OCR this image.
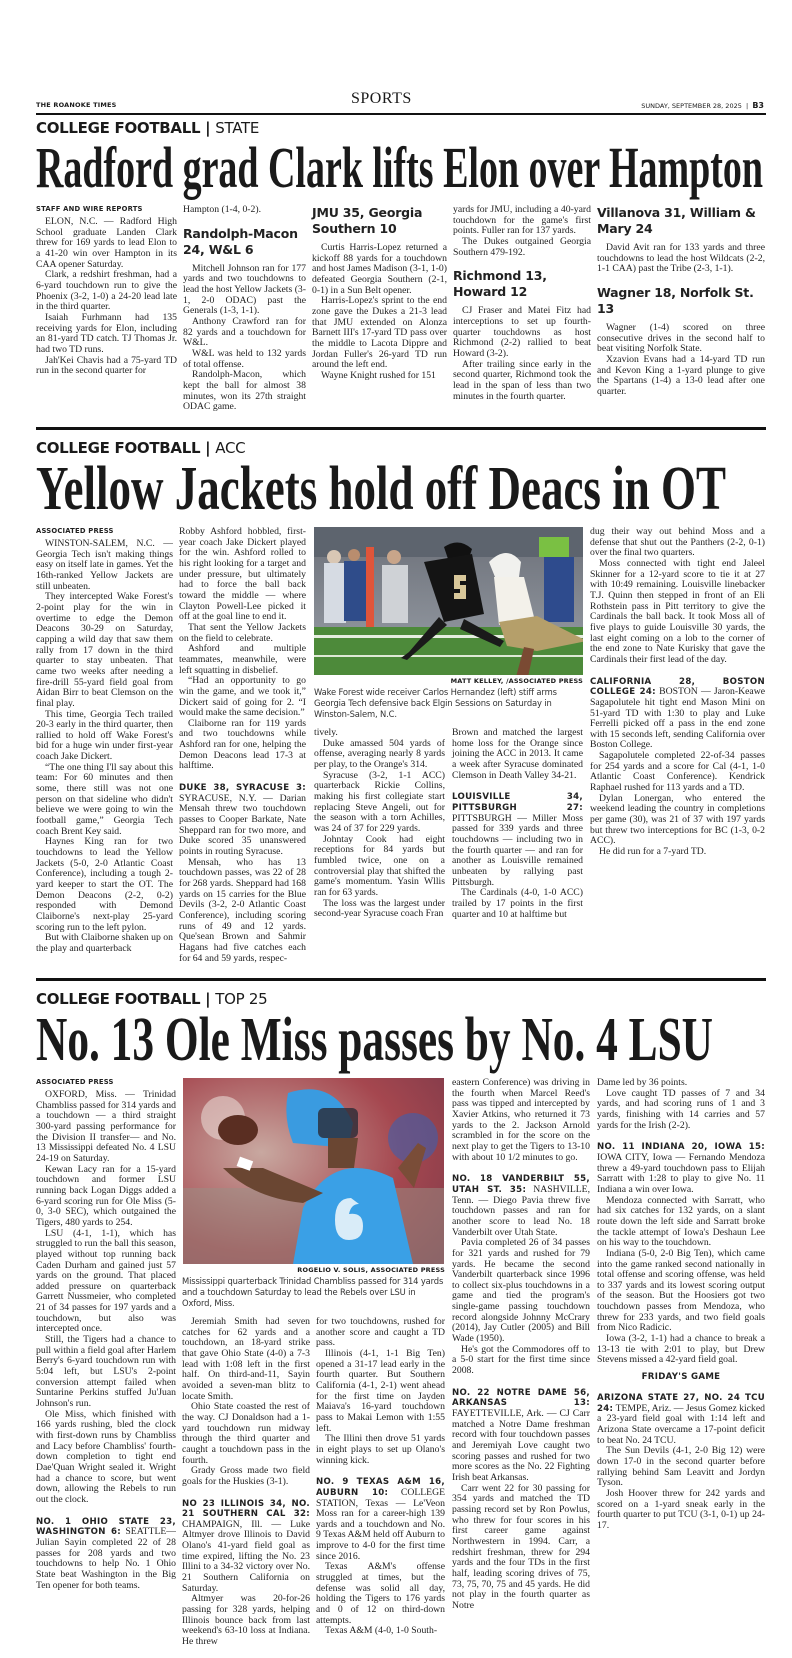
THE ROANOKE TIMES	SPORTS	SUNDAY, SEPTEMBER 28, 2025  |  B3
COLLEGE FOOTBALL | STATE
Radford grad Clark lifts Elon over Hampton
STAFF AND WIRE REPORTS

ELON, N.C. — Radford High School graduate Landen Clark threw for 169 yards to lead Elon to a 41-20 win over Hampton in its CAA opener Saturday.

Clark, a redshirt freshman, had a 6-yard touchdown run to give the Phoenix (3-2, 1-0) a 24-20 lead late in the third quarter.

Isaiah Furhmann had 135 receiving yards for Elon, including an 81-yard TD catch. TJ Thomas Jr. had two TD runs.

Jah'Kei Chavis had a 75-yard TD run in the second quarter for

Hampton (1-4, 0-2).

Randolph-Macon 24, W&L 6

Mitchell Johnson ran for 177 yards and two touchdowns to lead the host Yellow Jackets (3-1, 2-0 ODAC) past the Generals (1-3, 1-1).

Anthony Crawford ran for 82 yards and a touchdown for W&L.

W&L was held to 132 yards of total offense.

Randolph-Macon, which kept the ball for almost 38 minutes, won its 27th straight ODAC game.

JMU 35, Georgia Southern 10

Curtis Harris-Lopez returned a kickoff 88 yards for a touchdown and host James Madison (3-1, 1-0) defeated Georgia Southern (2-1, 0-1) in a Sun Belt opener.

Harris-Lopez's sprint to the end zone gave the Dukes a 21-3 lead that JMU extended on Alonza Barnett III's 17-yard TD pass over the middle to Lacota Dippre and Jordan Fuller's 26-yard TD run around the left end.

Wayne Knight rushed for 151

yards for JMU, including a 40-yard touchdown for the game's first points. Fuller ran for 137 yards.

The Dukes outgained Georgia Southern 479-192.

Richmond 13, Howard 12

CJ Fraser and Matei Fitz had interceptions to set up fourth-quarter touchdowns as host Richmond (2-2) rallied to beat Howard (3-2).

After trailing since early in the second quarter, Richmond took the lead in the span of less than two minutes in the fourth quarter.

Villanova 31, William & Mary 24

David Avit ran for 133 yards and three touchdowns to lead the host Wildcats (2-2, 1-1 CAA) past the Tribe (2-3, 1-1).

Wagner 18, Norfolk St. 13

Wagner (1-4) scored on three consecutive drives in the second half to beat visiting Norfolk State.

Xzavion Evans had a 14-yard TD run and Kevon King a 1-yard plunge to give the Spartans (1-4) a 13-0 lead after one quarter.

COLLEGE FOOTBALL | ACC
Yellow Jackets hold off Deacs in OT
MATT KELLEY, /ASSOCIATED PRESS
Wake Forest wide receiver Carlos Hernandez (left) stiff arms Georgia Tech defensive back Elgin Sessions on Saturday in Winston-Salem, N.C.
ASSOCIATED PRESS

WINSTON-SALEM, N.C. — Georgia Tech isn't making things easy on itself late in games. Yet the 16th-ranked Yellow Jackets are still unbeaten.

They intercepted Wake Forest's 2-point play for the win in overtime to edge the Demon Deacons 30-29 on Saturday, capping a wild day that saw them rally from 17 down in the third quarter to stay unbeaten. That came two weeks after needing a fire-drill 55-yard field goal from Aidan Birr to beat Clemson on the final play.

This time, Georgia Tech trailed 20-3 early in the third quarter, then rallied to hold off Wake Forest's bid for a huge win under first-year coach Jake Dickert.

“The one thing I'll say about this team: For 60 minutes and then some, there still was not one person on that sideline who didn't believe we were going to win the football game,” Georgia Tech coach Brent Key said.

Haynes King ran for two touchdowns to lead the Yellow Jackets (5-0, 2-0 Atlantic Coast Conference), including a tough 2-yard keeper to start the OT. The Demon Deacons (2-2, 0-2) responded with Demond Claiborne's next-play 25-yard scoring run to the left pylon.

But with Claiborne shaken up on the play and quarterback

Robby Ashford hobbled, first-year coach Jake Dickert played for the win. Ashford rolled to his right looking for a target and under pressure, but ultimately had to force the ball back toward the middle — where Clayton Powell-Lee picked it off at the goal line to end it.

That sent the Yellow Jackets on the field to celebrate.

Ashford and multiple teammates, meanwhile, were left squatting in disbelief.

“Had an opportunity to go win the game, and we took it,” Dickert said of going for 2. “I would make the same decision.”

Claiborne ran for 119 yards and two touchdowns while Ashford ran for one, helping the Demon Deacons lead 17-3 at halftime.

DUKE 38, SYRACUSE 3: SYRACUSE, N.Y. — Darian Mensah threw two touchdown passes to Cooper Barkate, Nate Sheppard ran for two more, and Duke scored 35 unanswered points in routing Syracuse.

Mensah, who has 13 touchdown passes, was 22 of 28 for 268 yards. Sheppard had 168 yards on 15 carries for the Blue Devils (3-2, 2-0 Atlantic Coast Conference), including scoring runs of 49 and 12 yards. Que'sean Brown and Sahmir Hagans had five catches each for 64 and 59 yards, respec-

tively.

Duke amassed 504 yards of offense, averaging nearly 8 yards per play, to the Orange's 314.

Syracuse (3-2, 1-1 ACC) quarterback Rickie Collins, making his first collegiate start replacing Steve Angeli, out for the season with a torn Achilles, was 24 of 37 for 229 yards.

Johntay Cook had eight receptions for 84 yards but fumbled twice, one on a controversial play that shifted the game's momentum. Yasin Wllis ran for 63 yards.

The loss was the largest under second-year Syracuse coach Fran

Brown and matched the largest home loss for the Orange since joining the ACC in 2013. It came a week after Syracuse dominated Clemson in Death Valley 34-21.

LOUISVILLE 34, PITTSBURGH 27: PITTSBURGH — Miller Moss passed for 339 yards and three touchdowns — including two in the fourth quarter — and ran for another as Louisville remained unbeaten by rallying past Pittsburgh.

The Cardinals (4-0, 1-0 ACC) trailed by 17 points in the first quarter and 10 at halftime but

dug their way out behind Moss and a defense that shut out the Panthers (2-2, 0-1) over the final two quarters.

Moss connected with tight end Jaleel Skinner for a 12-yard score to tie it at 27 with 10:49 remaining. Louisville linebacker T.J. Quinn then stepped in front of an Eli Rothstein pass in Pitt territory to give the Cardinals the ball back. It took Moss all of five plays to guide Louisville 30 yards, the last eight coming on a lob to the corner of the end zone to Nate Kurisky that gave the Cardinals their first lead of the day.

CALIFORNIA 28, BOSTON COLLEGE 24: BOSTON — Jaron-Keawe Sagapolutele hit tight end Mason Mini on 51-yard TD with 1:30 to play and Luke Ferrelli picked off a pass in the end zone with 15 seconds left, sending California over Boston College.

Sagapolutele completed 22-of-34 passes for 254 yards and a score for Cal (4-1, 1-0 Atlantic Coast Conference). Kendrick Raphael rushed for 113 yards and a TD.

Dylan Lonergan, who entered the weekend leading the country in completions per game (30), was 21 of 37 with 197 yards but threw two interceptions for BC (1-3, 0-2 ACC).

He did run for a 7-yard TD.

COLLEGE FOOTBALL | TOP 25
No. 13 Ole Miss passes by No. 4 LSU
ROGELIO V. SOLIS, ASSOCIATED PRESS
Mississippi quarterback Trinidad Chambliss passed for 314 yards and a touchdown Saturday to lead the Rebels over LSU in Oxford, Miss.
ASSOCIATED PRESS

OXFORD, Miss. — Trinidad Chambliss passed for 314 yards and a touchdown — a third straight 300-yard passing performance for the Division II transfer— and No. 13 Mississippi defeated No. 4 LSU 24-19 on Saturday.

Kewan Lacy ran for a 15-yard touchdown and former LSU running back Logan Diggs added a 6-yard scoring run for Ole Miss (5-0, 3-0 SEC), which outgained the Tigers, 480 yards to 254.

LSU (4-1, 1-1), which has struggled to run the ball this season, played without top running back Caden Durham and gained just 57 yards on the ground. That placed added pressure on quarterback Garrett Nussmeier, who completed 21 of 34 passes for 197 yards and a touchdown, but also was intercepted once.

Still, the Tigers had a chance to pull within a field goal after Harlem Berry's 6-yard touchdown run with 5:04 left, but LSU's 2-point conversion attempt failed when Suntarine Perkins stuffed Ju'Juan Johnson's run.

Ole Miss, which finished with 166 yards rushing, bled the clock with first-down runs by Chambliss and Lacy before Chambliss' fourth-down completion to tight end Dae'Quan Wright sealed it. Wright had a chance to score, but went down, allowing the Rebels to run out the clock.

NO. 1 OHIO STATE 23, WASHINGTON 6: SEATTLE— Julian Sayin completed 22 of 28 passes for 208 yards and two touchdowns to help No. 1 Ohio State beat Washington in the Big Ten opener for both teams.

Jeremiah Smith had seven catches for 62 yards and a touchdown, an 18-yard strike that gave Ohio State (4-0) a 7-3 lead with 1:08 left in the first half. On third-and-11, Sayin avoided a seven-man blitz to locate Smith.

Ohio State coasted the rest of the way. CJ Donaldson had a 1-yard touchdown run midway through the third quarter and caught a touchdown pass in the fourth.

Grady Gross made two field goals for the Huskies (3-1).

NO 23 ILLINOIS 34, NO. 21 SOUTHERN CAL 32: CHAMPAIGN, Ill. — Luke Altmyer drove Illinois to David Olano's 41-yard field goal as time expired, lifting the No. 23 Illini to a 34-32 victory over No. 21 Southern California on Saturday.

Altmyer was 20-for-26 passing for 328 yards, helping Illinois bounce back from last weekend's 63-10 loss at Indiana. He threw

for two touchdowns, rushed for another score and caught a TD pass.

Illinois (4-1, 1-1 Big Ten) opened a 31-17 lead early in the fourth quarter. But Southern California (4-1, 2-1) went ahead for the first time on Jayden Maiava's 16-yard touchdown pass to Makai Lemon with 1:55 left.

The Illini then drove 51 yards in eight plays to set up Olano's winning kick.

NO. 9 TEXAS A&M 16, AUBURN 10: COLLEGE STATION, Texas — Le'Veon Moss ran for a career-high 139 yards and a touchdown and No. 9 Texas A&M held off Auburn to improve to 4-0 for the first time since 2016.

Texas A&M's offense struggled at times, but the defense was solid all day, holding the Tigers to 176 yards and 0 of 12 on third-down attempts.

Texas A&M (4-0, 1-0 South-

eastern Conference) was driving in the fourth when Marcel Reed's pass was tipped and intercepted by Xavier Atkins, who returned it 73 yards to the 2. Jackson Arnold scrambled in for the score on the next play to get the Tigers to 13-10 with about 10 1/2 minutes to go.

NO. 18 VANDERBILT 55, UTAH ST. 35: NASHVILLE, Tenn. — Diego Pavia threw five touchdown passes and ran for another score to lead No. 18 Vanderbilt over Utah State.

Pavia completed 26 of 34 passes for 321 yards and rushed for 79 yards. He became the second Vanderbilt quarterback since 1996 to collect six-plus touchdowns in a game and tied the program's single-game passing touchdown record alongside Johnny McCrary (2014), Jay Cutler (2005) and Bill Wade (1950).

He's got the Commodores off to a 5-0 start for the first time since 2008.

NO. 22 NOTRE DAME 56, ARKANSAS 13: FAYETTEVILLE, Ark. — CJ Carr matched a Notre Dame freshman record with four touchdown passes and Jeremiyah Love caught two scoring passes and rushed for two more scores as the No. 22 Fighting Irish beat Arkansas.

Carr went 22 for 30 passing for 354 yards and matched the TD passing record set by Ron Powlus, who threw for four scores in his first career game against Northwestern in 1994. Carr, a redshirt freshman, threw for 294 yards and the four TDs in the first half, leading scoring drives of 75, 73, 75, 70, 75 and 45 yards. He did not play in the fourth quarter as Notre

Dame led by 36 points.

Love caught TD passes of 7 and 34 yards, and had scoring runs of 1 and 3 yards, finishing with 14 carries and 57 yards for the Irish (2-2).

NO. 11 INDIANA 20, IOWA 15: IOWA CITY, Iowa — Fernando Mendoza threw a 49-yard touchdown pass to Elijah Sarratt with 1:28 to play to give No. 11 Indiana a win over Iowa.

Mendoza connected with Sarratt, who had six catches for 132 yards, on a slant route down the left side and Sarratt broke the tackle attempt of Iowa's Deshaun Lee on his way to the touchdown.

Indiana (5-0, 2-0 Big Ten), which came into the game ranked second nationally in total offense and scoring offense, was held to 337 yards and its lowest scoring output of the season. But the Hoosiers got two touchdown passes from Mendoza, who threw for 233 yards, and two field goals from Nico Radicic.

Iowa (3-2, 1-1) had a chance to break a 13-13 tie with 2:01 to play, but Drew Stevens missed a 42-yard field goal.

FRIDAY'S GAME

ARIZONA STATE 27, NO. 24 TCU 24: TEMPE, Ariz. — Jesus Gomez kicked a 23-yard field goal with 1:14 left and Arizona State overcame a 17-point deficit to beat No. 24 TCU.

The Sun Devils (4-1, 2-0 Big 12) were down 17-0 in the second quarter before rallying behind Sam Leavitt and Jordyn Tyson.

Josh Hoover threw for 242 yards and scored on a 1-yard sneak early in the fourth quarter to put TCU (3-1, 0-1) up 24-17.
